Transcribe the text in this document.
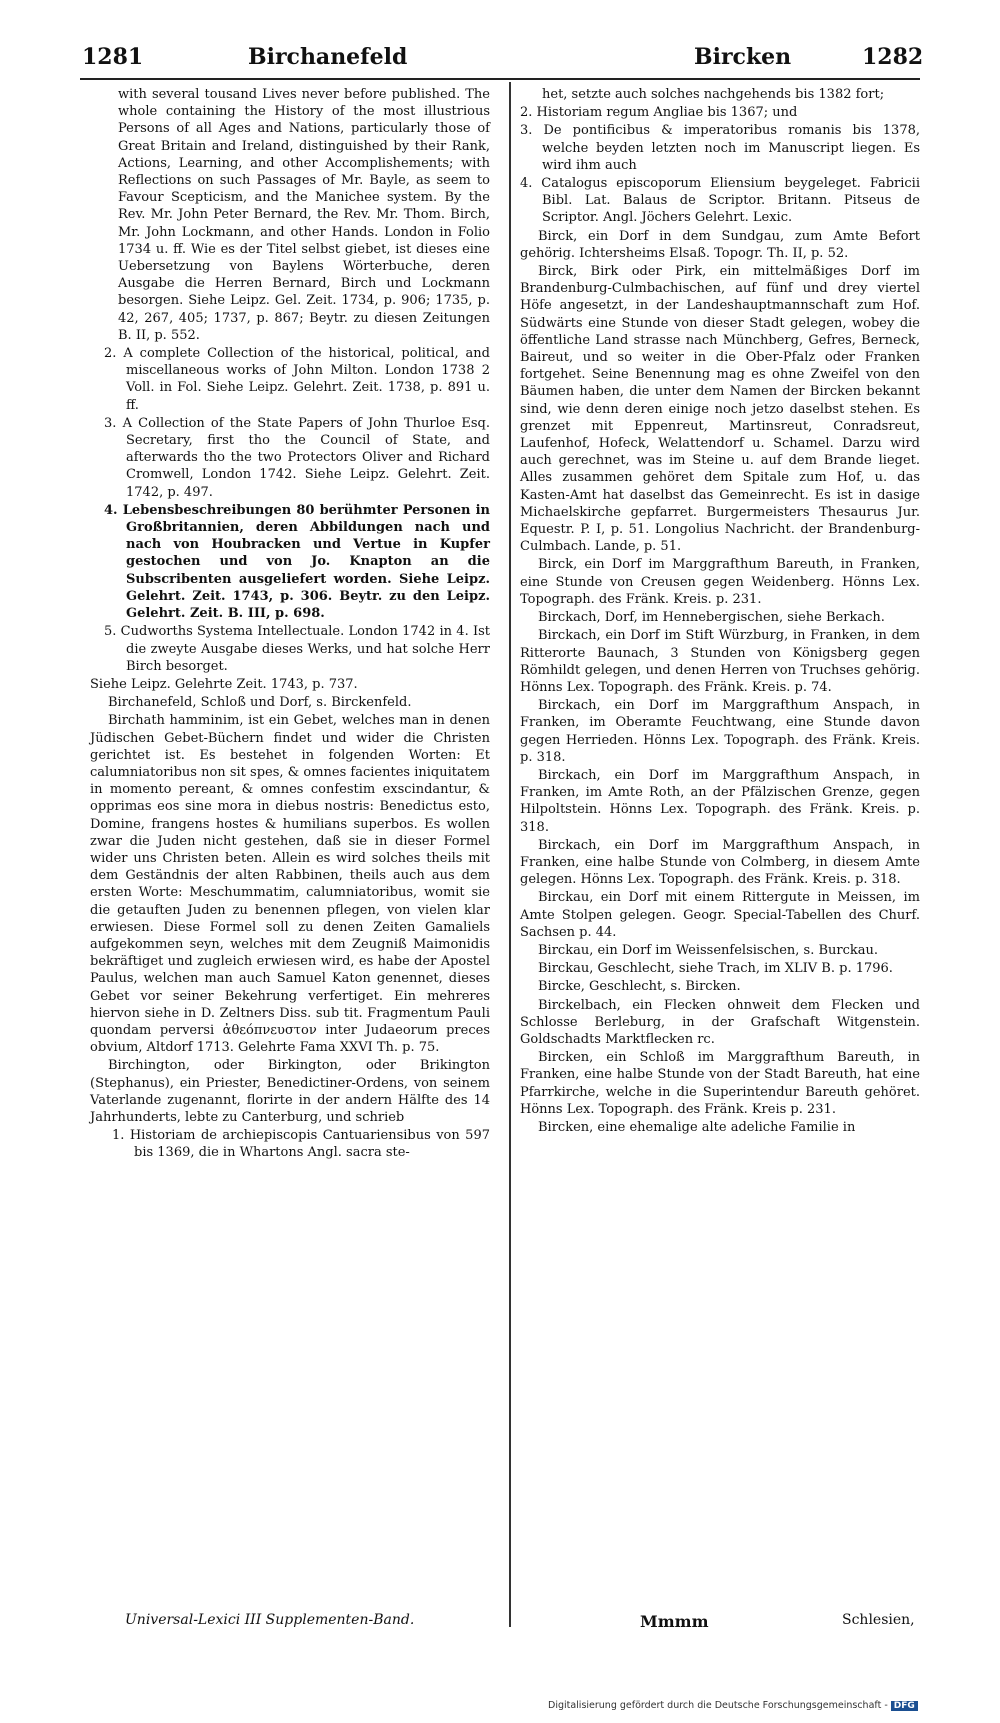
1281	Birchanefeld	Bircken	1282

with several tousand Lives never before published. The whole containing the History of the most illustrious Persons of all Ages and Nations, particularly those of Great Britain and Ireland, distinguished by their Rank, Actions, Learning, and other Accomplishements; with Reflections on such Passages of Mr. Bayle, as seem to Favour Scepticism, and the Manichee system. By the Rev. Mr. John Peter Bernard, the Rev. Mr. Thom. Birch, Mr. John Lockmann, and other Hands. London in Folio 1734 u. ff. Wie es der Titel selbst giebet, ist dieses eine Uebersetzung von Baylens Wörterbuche, deren Ausgabe die Herren Bernard, Birch und Lockmann besorgen. Siehe Leipz. Gel. Zeit. 1734, p. 906; 1735, p. 42, 267, 405; 1737, p. 867; Beytr. zu diesen Zeitungen B. II, p. 552.

2. A complete Collection of the historical, political, and miscellaneous works of John Milton. London 1738 2 Voll. in Fol. Siehe Leipz. Gelehrt. Zeit. 1738, p. 891 u. ff.

3. A Collection of the State Papers of John Thurloe Esq. Secretary, first tho the Council of State, and afterwards tho the two Protectors Oliver and Richard Cromwell, London 1742. Siehe Leipz. Gelehrt. Zeit. 1742, p. 497.

4. Lebensbeschreibungen 80 berühmter Personen in Großbritannien, deren Abbildungen nach und nach von Houbracken und Vertue in Kupfer gestochen und von Jo. Knapton an die Subscribenten ausgeliefert worden. Siehe Leipz. Gelehrt. Zeit. 1743, p. 306. Beytr. zu den Leipz. Gelehrt. Zeit. B. III, p. 698.

5. Cudworths Systema Intellectuale. London 1742 in 4. Ist die zweyte Ausgabe dieses Werks, und hat solche Herr Birch besorget.

Siehe Leipz. Gelehrte Zeit. 1743, p. 737.

Birchanefeld, Schloß und Dorf, s. Birckenfeld.

Birchath hamminim, ist ein Gebet, welches man in denen Jüdischen Gebet-Büchern findet und wider die Christen gerichtet ist. Es bestehet in folgenden Worten: Et calumniatoribus non sit spes, & omnes facientes iniquitatem in momento pereant, & omnes confestim exscindantur, & opprimas eos sine mora in diebus nostris: Benedictus esto, Domine, frangens hostes & humilians superbos. Es wollen zwar die Juden nicht gestehen, daß sie in dieser Formel wider uns Christen beten. Allein es wird solches theils mit dem Geständnis der alten Rabbinen, theils auch aus dem ersten Worte: Meschummatim, calumniatoribus, womit sie die getauften Juden zu benennen pflegen, von vielen klar erwiesen. Diese Formel soll zu denen Zeiten Gamaliels aufgekommen seyn, welches mit dem Zeugniß Maimonidis bekräftiget und zugleich erwiesen wird, es habe der Apostel Paulus, welchen man auch Samuel Katon genennet, dieses Gebet vor seiner Bekehrung verfertiget. Ein mehreres hiervon siehe in D. Zeltners Diss. sub tit. Fragmentum Pauli quondam perversi ἀθεόπνευστον inter Judaeorum preces obvium, Altdorf 1713. Gelehrte Fama XXVI Th. p. 75.

Birchington, oder Birkington, oder Brikington (Stephanus), ein Priester, Benedictiner-Ordens, von seinem Vaterlande zugenannt, florirte in der andern Hälfte des 14 Jahrhunderts, lebte zu Canterburg, und schrieb

1. Historiam de archiepiscopis Cantuariensibus von 597 bis 1369, die in Whartons Angl. sacra ste-

het, setzte auch solches nachgehends bis 1382 fort;

2. Historiam regum Angliae bis 1367; und

3. De pontificibus & imperatoribus romanis bis 1378, welche beyden letzten noch im Manuscript liegen. Es wird ihm auch

4. Catalogus episcoporum Eliensium beygeleget. Fabricii Bibl. Lat. Balaus de Scriptor. Britann. Pitseus de Scriptor. Angl. Jöchers Gelehrt. Lexic.

Birck, ein Dorf in dem Sundgau, zum Amte Befort gehörig. Ichtersheims Elsaß. Topogr. Th. II, p. 52.

Birck, Birk oder Pirk, ein mittelmäßiges Dorf im Brandenburg-Culmbachischen, auf fünf und drey viertel Höfe angesetzt, in der Landeshauptmannschaft zum Hof. Südwärts eine Stunde von dieser Stadt gelegen, wobey die öffentliche Land strasse nach Münchberg, Gefres, Berneck, Baireut, und so weiter in die Ober-Pfalz oder Franken fortgehet. Seine Benennung mag es ohne Zweifel von den Bäumen haben, die unter dem Namen der Bircken bekannt sind, wie denn deren einige noch jetzo daselbst stehen. Es grenzet mit Eppenreut, Martinsreut, Conradsreut, Laufenhof, Hofeck, Welattendorf u. Schamel. Darzu wird auch gerechnet, was im Steine u. auf dem Brande lieget. Alles zusammen gehöret dem Spitale zum Hof, u. das Kasten-Amt hat daselbst das Gemeinrecht. Es ist in dasige Michaelskirche gepfarret. Burgermeisters Thesaurus Jur. Equestr. P. I, p. 51. Longolius Nachricht. der Brandenburg-Culmbach. Lande, p. 51.

Birck, ein Dorf im Marggrafthum Bareuth, in Franken, eine Stunde von Creusen gegen Weidenberg. Hönns Lex. Topograph. des Fränk. Kreis. p. 231.

Birckach, Dorf, im Hennebergischen, siehe Berkach.

Birckach, ein Dorf im Stift Würzburg, in Franken, in dem Ritterorte Baunach, 3 Stunden von Königsberg gegen Römhildt gelegen, und denen Herren von Truchses gehörig. Hönns Lex. Topograph. des Fränk. Kreis. p. 74.

Birckach, ein Dorf im Marggrafthum Anspach, in Franken, im Oberamte Feuchtwang, eine Stunde davon gegen Herrieden. Hönns Lex. Topograph. des Fränk. Kreis. p. 318.

Birckach, ein Dorf im Marggrafthum Anspach, in Franken, im Amte Roth, an der Pfälzischen Grenze, gegen Hilpoltstein. Hönns Lex. Topograph. des Fränk. Kreis. p. 318.

Birckach, ein Dorf im Marggrafthum Anspach, in Franken, eine halbe Stunde von Colmberg, in diesem Amte gelegen. Hönns Lex. Topograph. des Fränk. Kreis. p. 318.

Birckau, ein Dorf mit einem Rittergute in Meissen, im Amte Stolpen gelegen. Geogr. Special-Tabellen des Churf. Sachsen p. 44.

Birckau, ein Dorf im Weissenfelsischen, s. Burckau.

Birckau, Geschlecht, siehe Trach, im XLIV B. p. 1796.

Bircke, Geschlecht, s. Bircken.

Birckelbach, ein Flecken ohnweit dem Flecken und Schlosse Berleburg, in der Grafschaft Witgenstein. Goldschadts Marktflecken rc.

Bircken, ein Schloß im Marggrafthum Bareuth, in Franken, eine halbe Stunde von der Stadt Bareuth, hat eine Pfarrkirche, welche in die Superintendur Bareuth gehöret. Hönns Lex. Topograph. des Fränk. Kreis p. 231.

Bircken, eine ehemalige alte adeliche Familie in

Universal-Lexici III Supplementen-Band.	Mmmm	Schlesien,
Digitalisierung gefördert durch die Deutsche Forschungsgemeinschaft - DFG
